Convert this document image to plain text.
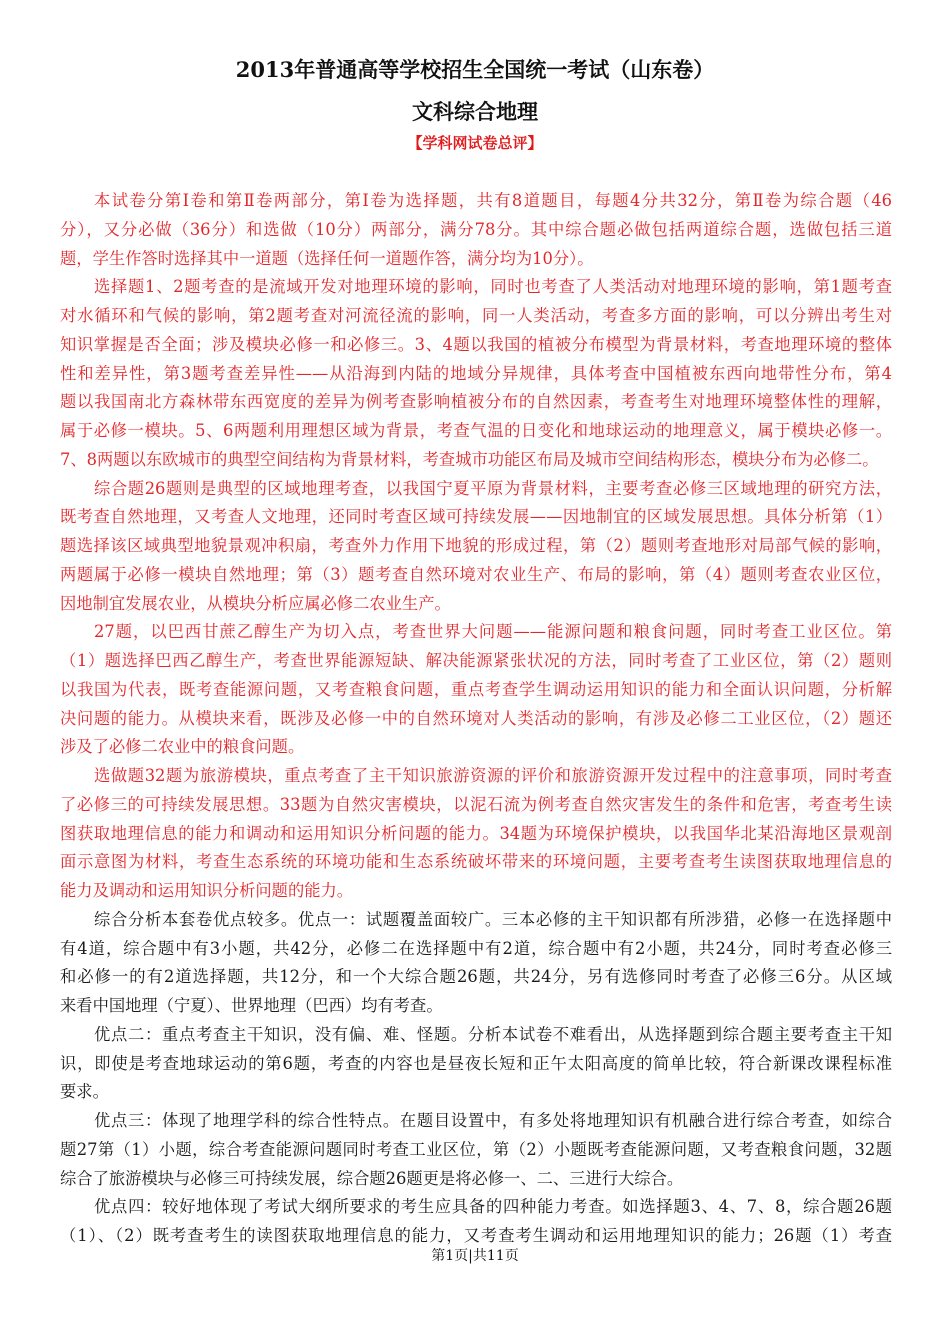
2013年普通高等学校招生全国统一考试（山东卷）
文科综合地理
【学科网试卷总评】
本试卷分第Ⅰ卷和第Ⅱ卷两部分，第Ⅰ卷为选择题，共有8道题目，每题4分共32分，第Ⅱ卷为综合题（46
分），又分必做（36分）和选做（10分）两部分，满分78分。其中综合题必做包括两道综合题，选做包括三道
题，学生作答时选择其中一道题（选择任何一道题作答，满分均为10分）。
选择题1、2题考查的是流域开发对地理环境的影响，同时也考查了人类活动对地理环境的影响，第1题考查
对水循环和气候的影响，第2题考查对河流径流的影响，同一人类活动，考查多方面的影响，可以分辨出考生对
知识掌握是否全面；涉及模块必修一和必修三。3、4题以我国的植被分布模型为背景材料，考查地理环境的整体
性和差异性，第3题考查差异性——从沿海到内陆的地域分异规律，具体考查中国植被东西向地带性分布，第4
题以我国南北方森林带东西宽度的差异为例考查影响植被分布的自然因素，考查考生对地理环境整体性的理解，
属于必修一模块。5、6两题利用理想区域为背景，考查气温的日变化和地球运动的地理意义，属于模块必修一。
7、8两题以东欧城市的典型空间结构为背景材料，考查城市功能区布局及城市空间结构形态，模块分布为必修二。
综合题26题则是典型的区域地理考查，以我国宁夏平原为背景材料，主要考查必修三区域地理的研究方法，
既考查自然地理，又考查人文地理，还同时考查区域可持续发展——因地制宜的区域发展思想。具体分析第（1）
题选择该区域典型地貌景观冲积扇，考查外力作用下地貌的形成过程，第（2）题则考查地形对局部气候的影响，
两题属于必修一模块自然地理；第（3）题考查自然环境对农业生产、布局的影响，第（4）题则考查农业区位，
因地制宜发展农业，从模块分析应属必修二农业生产。
27题，以巴西甘蔗乙醇生产为切入点，考查世界大问题——能源问题和粮食问题，同时考查工业区位。第
（1）题选择巴西乙醇生产，考查世界能源短缺、解决能源紧张状况的方法，同时考查了工业区位，第（2）题则
以我国为代表，既考查能源问题，又考查粮食问题，重点考查学生调动运用知识的能力和全面认识问题，分析解
决问题的能力。从模块来看，既涉及必修一中的自然环境对人类活动的影响，有涉及必修二工业区位，（2）题还
涉及了必修二农业中的粮食问题。
选做题32题为旅游模块，重点考查了主干知识旅游资源的评价和旅游资源开发过程中的注意事项，同时考查
了必修三的可持续发展思想。33题为自然灾害模块，以泥石流为例考查自然灾害发生的条件和危害，考查考生读
图获取地理信息的能力和调动和运用知识分析问题的能力。34题为环境保护模块，以我国华北某沿海地区景观剖
面示意图为材料，考查生态系统的环境功能和生态系统破坏带来的环境问题，主要考查考生读图获取地理信息的
能力及调动和运用知识分析问题的能力。
综合分析本套卷优点较多。优点一：试题覆盖面较广。三本必修的主干知识都有所涉猎，必修一在选择题中
有4道，综合题中有3小题，共42分，必修二在选择题中有2道，综合题中有2小题，共24分，同时考查必修三
和必修一的有2道选择题，共12分，和一个大综合题26题，共24分，另有选修同时考查了必修三6分。从区域
来看中国地理（宁夏）、世界地理（巴西）均有考查。
优点二：重点考查主干知识，没有偏、难、怪题。分析本试卷不难看出，从选择题到综合题主要考查主干知
识，即使是考查地球运动的第6题，考查的内容也是昼夜长短和正午太阳高度的简单比较，符合新课改课程标准
要求。
优点三：体现了地理学科的综合性特点。在题目设置中，有多处将地理知识有机融合进行综合考查，如综合
题27第（1）小题，综合考查能源问题同时考查工业区位，第（2）小题既考查能源问题，又考查粮食问题，32题
综合了旅游模块与必修三可持续发展，综合题26题更是将必修一、二、三进行大综合。
优点四：较好地体现了考试大纲所要求的考生应具备的四种能力考查。如选择题3、4、7、8，综合题26题
（1）、（2）既考查考生的读图获取地理信息的能力，又考查考生调动和运用地理知识的能力；26题（1）考查
第1页|共11页
